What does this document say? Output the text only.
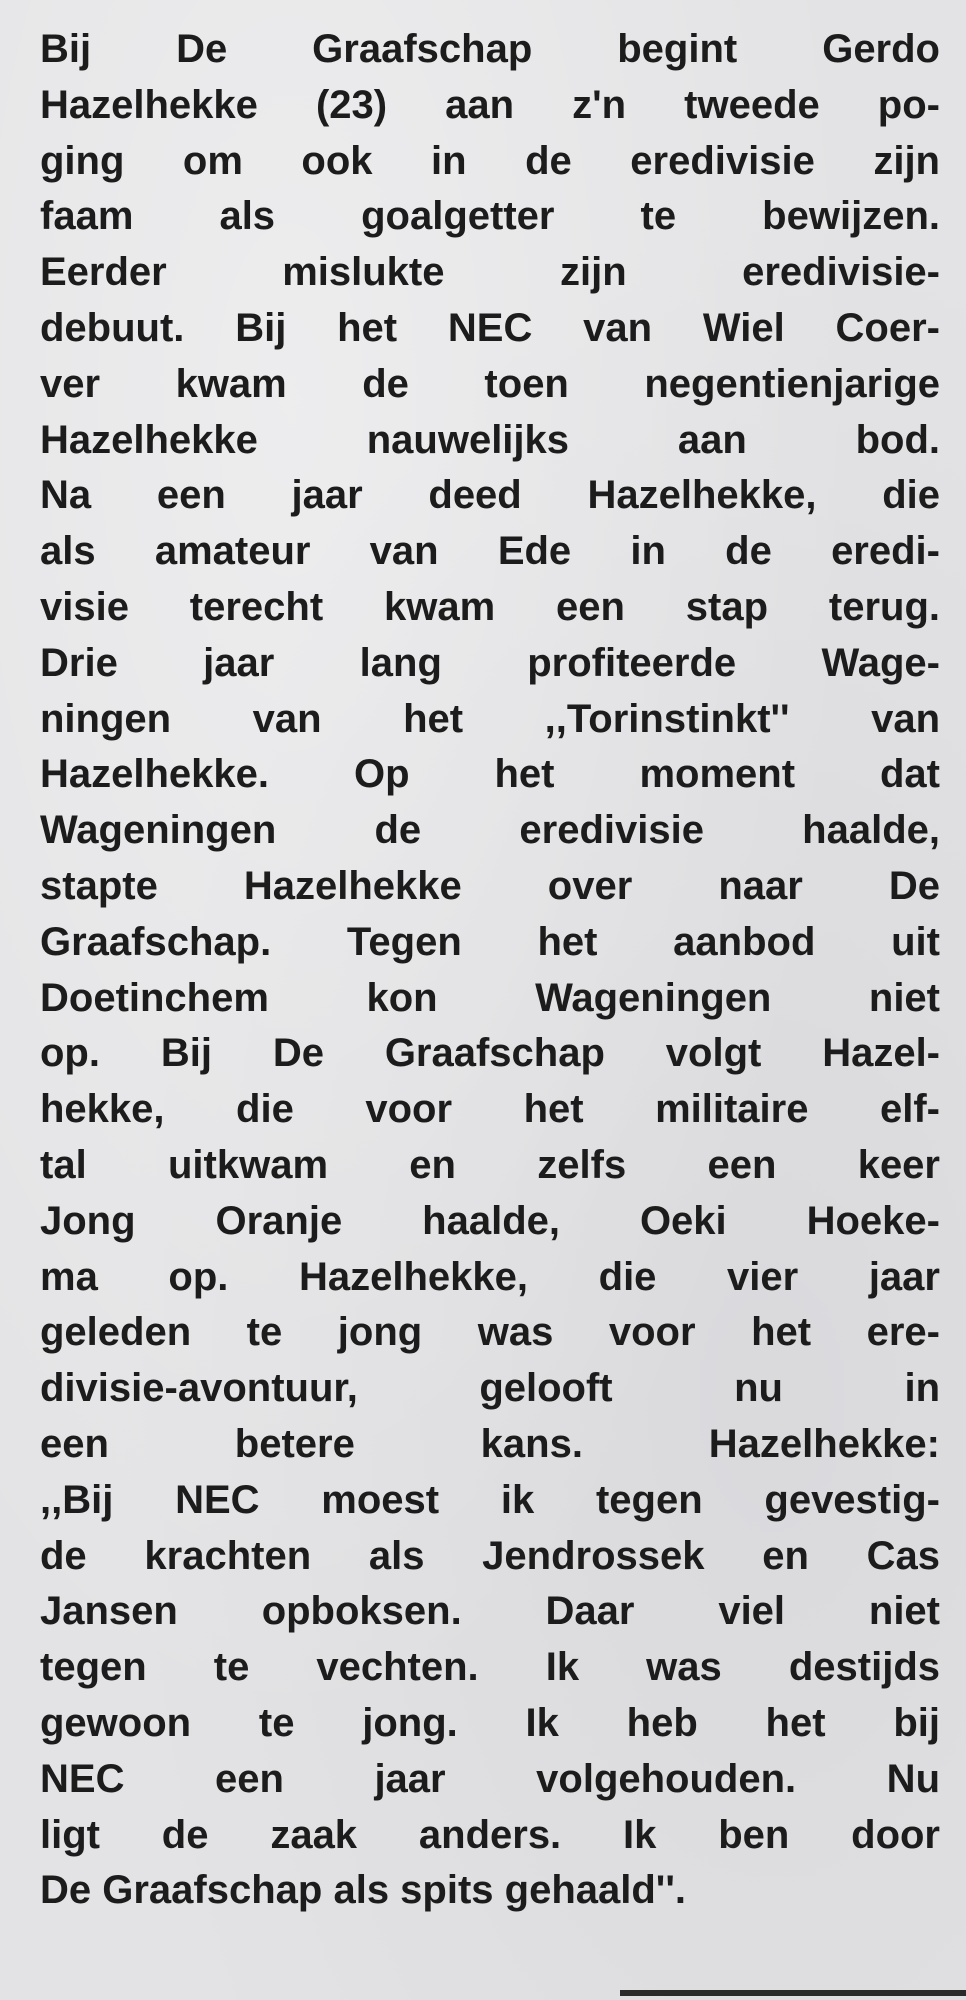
Bij De Graafschap begint Gerdo
Hazelhekke (23) aan z'n tweede po-
ging om ook in de eredivisie zijn
faam als goalgetter te bewijzen.
Eerder mislukte zijn eredivisie-
debuut. Bij het NEC van Wiel Coer-
ver kwam de toen negentienjarige
Hazelhekke nauwelijks aan bod.
Na een jaar deed Hazelhekke, die
als amateur van Ede in de eredi-
visie terecht kwam een stap terug.
Drie jaar lang profiteerde Wage-
ningen van het ,,Torinstinkt'' van
Hazelhekke. Op het moment dat
Wageningen de eredivisie haalde,
stapte Hazelhekke over naar De
Graafschap. Tegen het aanbod uit
Doetinchem kon Wageningen niet
op. Bij De Graafschap volgt Hazel-
hekke, die voor het militaire elf-
tal uitkwam en zelfs een keer
Jong Oranje haalde, Oeki Hoeke-
ma op. Hazelhekke, die vier jaar
geleden te jong was voor het ere-
divisie-avontuur, gelooft nu in
een betere kans. Hazelhekke:
,,Bij NEC moest ik tegen gevestig-
de krachten als Jendrossek en Cas
Jansen opboksen. Daar viel niet
tegen te vechten. Ik was destijds
gewoon te jong. Ik heb het bij
NEC een jaar volgehouden. Nu
ligt de zaak anders. Ik ben door
De Graafschap als spits gehaald''.
